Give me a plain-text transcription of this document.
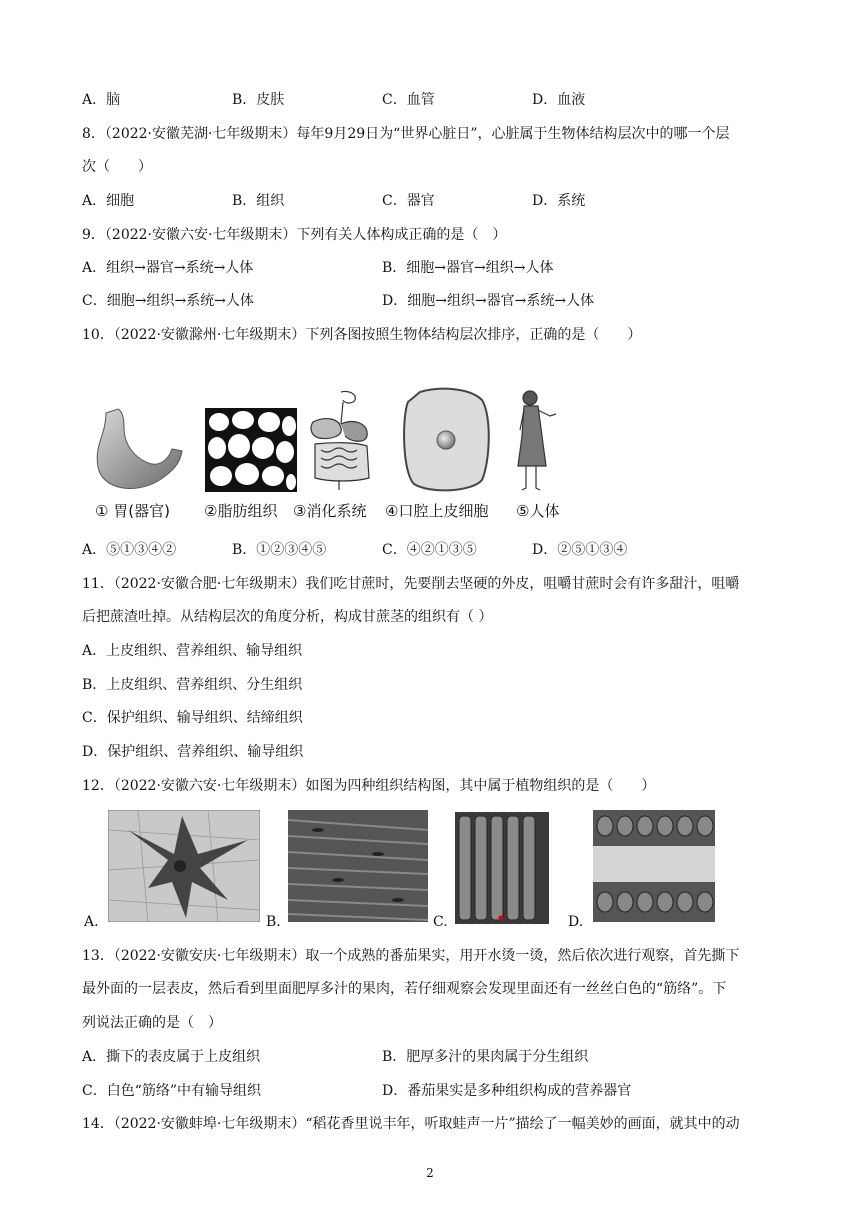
A．脑	B．皮肤	C．血管	D．血液
8．（2022·安徽芜湖·七年级期末）每年9月29日为“世界心脏日”，心脏属于生物体结构层次中的哪一个层
次（　　）
A．细胞	B．组织	C．器官	D．系统
9．（2022·安徽六安·七年级期末）下列有关人体构成正确的是（　）
A．组织→器官→系统→人体	B．细胞→器官→组织→人体
C．细胞→组织→系统→人体	D．细胞→组织→器官→系统→人体
10．（2022·安徽滁州·七年级期末）下列各图按照生物体结构层次排序，正确的是（　　）
① 胃(器官) ②脂肪组织 ③消化系统 ④口腔上皮细胞 ⑤人体
A．⑤①③④②	B．①②③④⑤	C．④②①③⑤	D．②⑤①③④
11．（2022·安徽合肥·七年级期末）我们吃甘蔗时，先要削去坚硬的外皮，咀嚼甘蔗时会有许多甜汁，咀嚼
后把蔗渣吐掉。从结构层次的角度分析，构成甘蔗茎的组织有（ ）
A．上皮组织、营养组织、输导组织
B．上皮组织、营养组织、分生组织
C．保护组织、输导组织、结缔组织
D．保护组织、营养组织、输导组织
12．（2022·安徽六安·七年级期末）如图为四种组织结构图，其中属于植物组织的是（　　）
A.	B.	C.	D.
13．（2022·安徽安庆·七年级期末）取一个成熟的番茄果实，用开水烫一烫，然后依次进行观察，首先撕下
最外面的一层表皮，然后看到里面肥厚多汁的果肉，若仔细观察会发现里面还有一丝丝白色的“筋络”。下
列说法正确的是（　）
A．撕下的表皮属于上皮组织	B．肥厚多汁的果肉属于分生组织
C．白色“筋络”中有输导组织	D．番茄果实是多种组织构成的营养器官
14．（2022·安徽蚌埠·七年级期末）“稻花香里说丰年，听取蛙声一片”描绘了一幅美妙的画面，就其中的动
2
